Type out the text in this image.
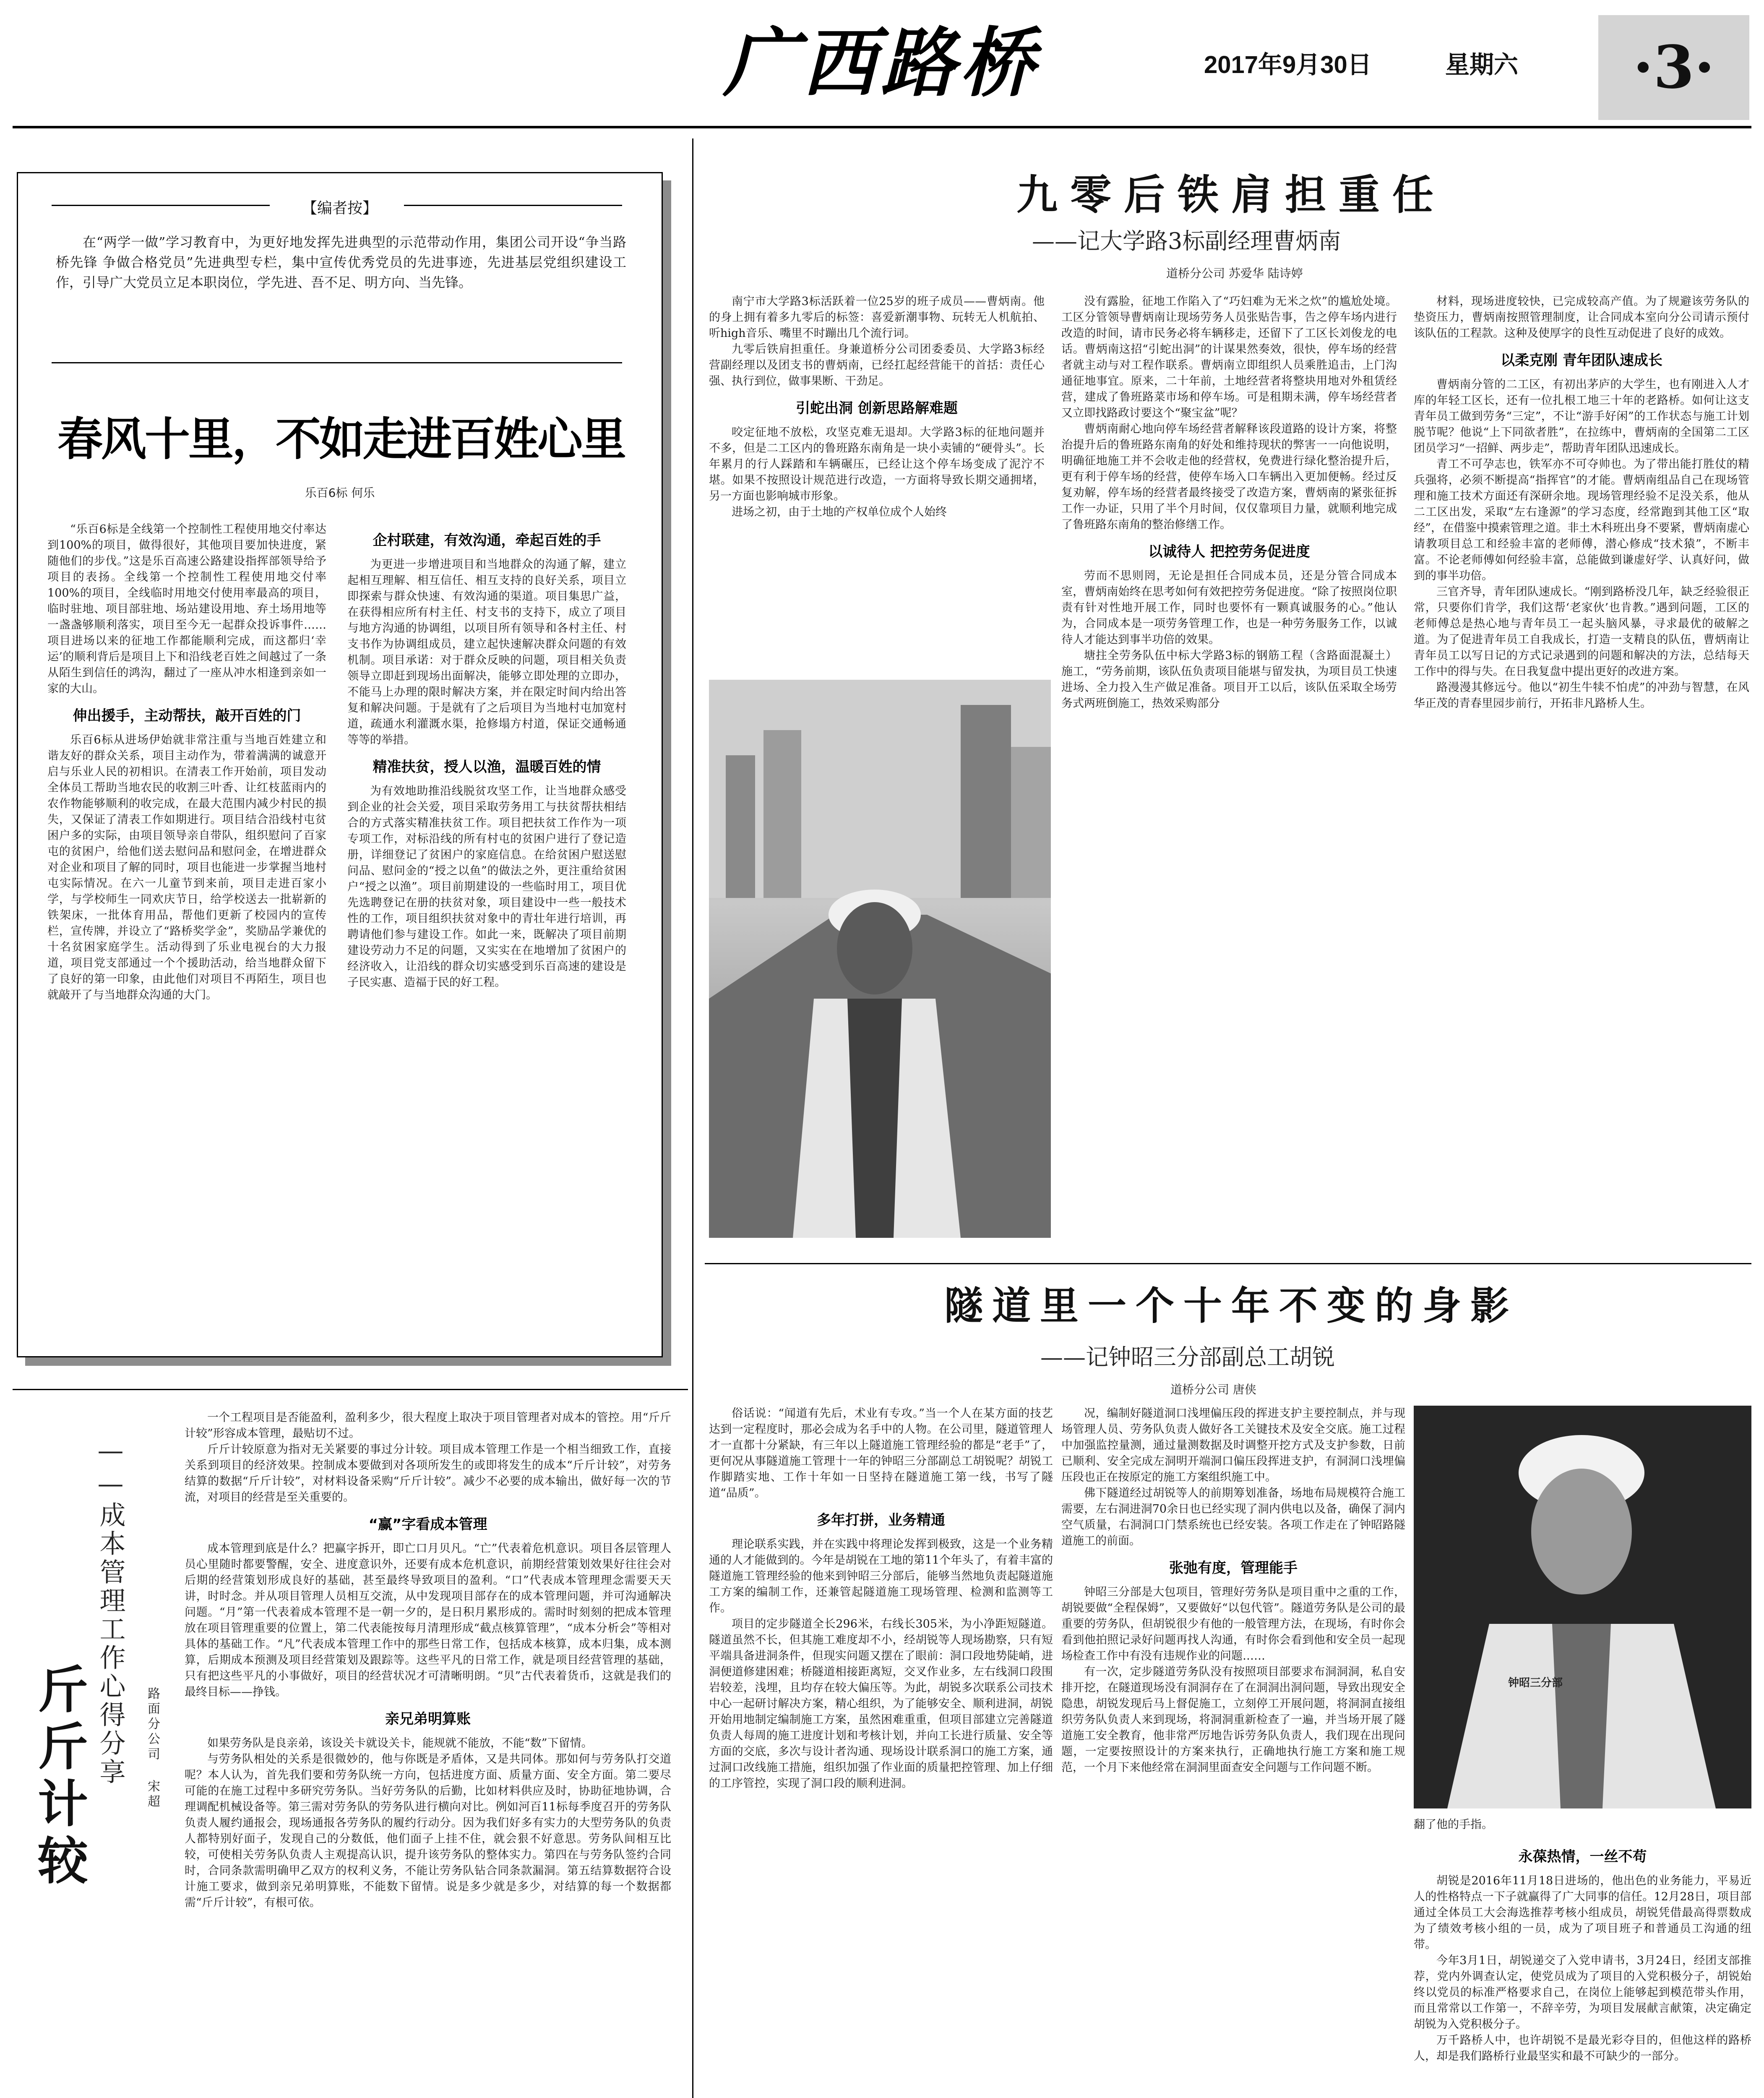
广西路桥	2017年9月30日	星期六	·3·
【编者按】
在“两学一做”学习教育中，为更好地发挥先进典型的示范带动作用，集团公司开设“争当路桥先锋 争做合格党员”先进典型专栏，集中宣传优秀党员的先进事迹，先进基层党组织建设工作，引导广大党员立足本职岗位，学先进、吾不足、明方向、当先锋。
春风十里，不如走进百姓心里
乐百6标 何乐

“乐百6标是全线第一个控制性工程使用地交付率达到100%的项目，做得很好，其他项目要加快进度，紧随他们的步伐。”这是乐百高速公路建设指挥部领导给予项目的表扬。全线第一个控制性工程使用地交付率100%的项目，全线临时用地交付使用率最高的项目，临时驻地、项目部驻地、场站建设用地、弃土场用地等一盏盏够顺利落实，项目至今无一起群众投诉事件……项目进场以来的征地工作都能顺利完成，而这都归‘幸运’的顺利背后是项目上下和沿线老百姓之间越过了一条从陌生到信任的鸿沟，翻过了一座从冲水相逢到亲如一家的大山。

伸出援手，主动帮扶，敲开百姓的门

乐百6标从进场伊始就非常注重与当地百姓建立和谐友好的群众关系，项目主动作为，带着满满的诚意开启与乐业人民的初相识。在清表工作开始前，项目发动全体员工帮助当地农民的收割三叶香、让红枝蓝雨内的农作物能够顺利的收完成，在最大范围内减少村民的损失，又保证了清表工作如期进行。项目结合沿线村屯贫困户多的实际，由项目领导亲自带队，组织慰问了百家屯的贫困户，给他们送去慰问品和慰问金，在增进群众对企业和项目了解的同时，项目也能进一步掌握当地村屯实际情况。在六一儿童节到来前，项目走进百家小学，与学校师生一同欢庆节日，给学校送去一批崭新的铁架床，一批体育用品，帮他们更新了校园内的宣传栏，宣传牌，并设立了“路桥奖学金”，奖励品学兼优的十名贫困家庭学生。活动得到了乐业电视台的大力报道，项目党支部通过一个个援助活动，给当地群众留下了良好的第一印象，由此他们对项目不再陌生，项目也就敲开了与当地群众沟通的大门。

企村联建，有效沟通，牵起百姓的手

为更进一步增进项目和当地群众的沟通了解，建立起相互理解、相互信任、相互支持的良好关系，项目立即探索与群众快速、有效沟通的渠道。项目集思广益，在获得相应所有村主任、村支书的支持下，成立了项目与地方沟通的协调组，以项目所有领导和各村主任、村支书作为协调组成员，建立起快速解决群众问题的有效机制。项目承诺：对于群众反映的问题，项目相关负责领导立即赶到现场出面解决，能够立即处理的立即办，不能马上办理的限时解决方案，并在限定时间内给出答复和解决问题。于是就有了之后项目为当地村屯加宽村道，疏通水利灌溉水渠，抢修塌方村道，保证交通畅通等等的举措。

精准扶贫，授人以渔，温暖百姓的情

为有效地助推沿线脱贫攻坚工作，让当地群众感受到企业的社会关爱，项目采取劳务用工与扶贫帮扶相结合的方式落实精准扶贫工作。项目把扶贫工作作为一项专项工作，对标沿线的所有村屯的贫困户进行了登记造册，详细登记了贫困户的家庭信息。在给贫困户慰送慰问品、慰问金的“授之以鱼”的做法之外，更注重给贫困户“授之以渔”。项目前期建设的一些临时用工，项目优先选聘登记在册的扶贫对象，项目建设中一些一般技术性的工作，项目组织扶贫对象中的青壮年进行培训，再聘请他们参与建设工作。如此一来，既解决了项目前期建设劳动力不足的问题，又实实在在地增加了贫困户的经济收入，让沿线的群众切实感受到乐百高速的建设是子民实惠、造福于民的好工程。

斤斤
计较
——成本管理工作心得分享	路面分公司 宋超

一个工程项目是否能盈利，盈利多少，很大程度上取决于项目管理者对成本的管控。用“斤斤计较”形容成本管理，最贴切不过。

斤斤计较原意为指对无关紧要的事过分计较。项目成本管理工作是一个相当细致工作，直接关系到项目的经济效果。控制成本要做到对各项所发生的或即将发生的成本“斤斤计较”，对劳务结算的数据“斤斤计较”，对材料设备采购“斤斤计较”。减少不必要的成本输出，做好每一次的节流，对项目的经营是至关重要的。

“赢”字看成本管理

成本管理到底是什么？把赢字拆开，即亡口月贝凡。“亡”代表着危机意识。项目各层管理人员心里随时都要警醒，安全、进度意识外，还要有成本危机意识，前期经营策划效果好往往会对后期的经营策划形成良好的基础，甚至最终导致项目的盈利。“口”代表成本管理理念需要天天讲，时时念。并从项目管理人员相互交流，从中发现项目部存在的成本管理问题，并可沟通解决问题。“月”第一代表着成本管理不是一朝一夕的，是日积月累形成的。需时时刻刻的把成本管理放在项目管理重要的位置上，第二代表能按每月清理形成“截点核算管理”，“成本分析会”等相对具体的基础工作。“凡”代表成本管理工作中的那些日常工作，包括成本核算，成本归集，成本测算，后期成本预测及项目经营策划及跟踪等。这些平凡的日常工作，就是项目经营管理的基础，只有把这些平凡的小事做好，项目的经营状况才可清晰明朗。“贝”古代表着货币，这就是我们的最终目标——挣钱。

亲兄弟明算账

如果劳务队是良亲弟，该设关卡就设关卡，能规就不能放，不能“数”下留情。

与劳务队相处的关系是很微妙的，他与你既是矛盾体，又是共同体。那如何与劳务队打交道呢？本人认为，首先我们要和劳务队统一方向，包括进度方面、质量方面、安全方面。第二要尽可能的在施工过程中多研究劳务队。当好劳务队的后勤，比如材料供应及时，协助征地协调，合理调配机械设备等。第三需对劳务队的劳务队进行横向对比。例如河百11标每季度召开的劳务队负责人履约通报会，现场通报各劳务队的履约行动分。因为我们好多有实力的大型劳务队的负责人都特别好面子，发现自己的分数低，他们面子上挂不住，就会狠不好意思。劳务队间相互比较，可使相关劳务队负责人主观提高认识，提升该劳务队的整体实力。第四在与劳务队签约合同时，合同条款需明确甲乙双方的权利义务，不能让劳务队钻合同条款漏洞。第五结算数据符合设计施工要求，做到亲兄弟明算账，不能数下留情。说是多少就是多少，对结算的每一个数据都需“斤斤计较”，有根可依。

九零后铁肩担重任
——记大学路3标副经理曹炳南
道桥分公司 苏爱华 陆诗婷

南宁市大学路3标活跃着一位25岁的班子成员——曹炳南。他的身上拥有着多九零后的标签：喜爱新潮事物、玩转无人机航拍、听high音乐、嘴里不时蹦出几个流行词。

九零后铁肩担重任。身兼道桥分公司团委委员、大学路3标经营副经理以及团支书的曹炳南，已经扛起经营能干的首括：责任心强、执行到位，做事果断、干劲足。

引蛇出洞 创新思路解难题

咬定征地不放松，攻坚克难无退却。大学路3标的征地问题并不多，但是二工区内的鲁班路东南角是一块小卖铺的“硬骨头”。长年累月的行人踩踏和车辆碾压，已经让这个停车场变成了泥泞不堪。如果不按照设计规范进行改造，一方面将导致长期交通拥堵，另一方面也影响城市形象。

进场之初，由于土地的产权单位成个人始终

没有露脸，征地工作陷入了“巧妇难为无米之炊”的尴尬处境。工区分管领导曹炳南让现场劳务人员张贴告事，告之停车场内进行改造的时间，请市民务必将车辆移走，还留下了工区长刘俊龙的电话。曹炳南这招“引蛇出洞”的计谋果然奏效，很快，停车场的经营者就主动与对工程作联系。曹炳南立即组织人员乘胜追击，上门沟通征地事宜。原来，二十年前，土地经营者将整块用地对外租赁经营，建成了鲁班路菜市场和停车场。可是租期未满，停车场经营者又立即找路政讨要这个“聚宝盆”呢？

曹炳南耐心地向停车场经营者解释该段道路的设计方案，将整治提升后的鲁班路东南角的好处和维持现状的弊害一一向他说明，明确征地施工并不会收走他的经营权，免费进行绿化整治提升后，更有利于停车场的经营，使停车场入口车辆出入更加便畅。经过反复劝解，停车场的经营者最终接受了改造方案，曹炳南的紧张征拆工作一办证，只用了半个月时间，仅仅靠项目力量，就顺利地完成了鲁班路东南角的整治修缮工作。

以诚待人 把控劳务促进度

劳而不思则罔，无论是担任合同成本员，还是分管合同成本室，曹炳南始终在思考如何有效把控劳务促进度。“除了按照岗位职责有针对性地开展工作，同时也要怀有一颗真诚服务的心。”他认为，合同成本是一项劳务管理工作，也是一种劳务服务工作，以诚待人才能达到事半功倍的效果。

塘拄全劳务队伍中标大学路3标的钢筋工程（含路面混凝土）施工，“劳务前期，该队伍负责项目能堪与留发执，为项目员工快速进场、全力投入生产做足准备。项目开工以后，该队伍采取全场劳务式两班倒施工，热效采购部分

材料，现场进度较快，已完成较高产值。为了规避该劳务队的垫资压力，曹炳南按照管理制度，让合同成本室向分公司请示预付该队伍的工程款。这种及使厚字的良性互动促进了良好的成效。

以柔克刚 青年团队速成长

曹炳南分管的二工区，有初出茅庐的大学生，也有刚进入人才库的年轻工区长，还有一位扎根工地三十年的老路桥。如何让这支青年员工做到劳务“三定”，不让“游手好闲”的工作状态与施工计划脱节呢？他说“上下同欲者胜”，在拉练中，曹炳南的全国第二工区团员学习“一招鲜、两步走”，帮助青年团队迅速成长。

青工不可孕志也，铁军亦不可夺帅也。为了带出能打胜仗的精兵强将，必须不断提高“指挥官”的才能。曹炳南组品自己在现场管理和施工技术方面还有深研余地。现场管理经验不足没关系，他从二工区出发，采取“左右逢源”的学习态度，经常跑到其他工区“取经”，在借鉴中摸索管理之道。非土木科班出身不要紧，曹炳南虚心请教项目总工和经验丰富的老师傅，潜心修成“技术猿”，不断丰富。不论老师傅如何经验丰富，总能做到谦虚好学、认真好问，做到的事半功倍。

三官齐导，青年团队速成长。“刚到路桥没几年，缺乏经验很正常，只要你们肯学，我们这帮‘老家伙’也肯教。”遇到问题，工区的老师傅总是热心地与青年员工一起头脑风暴，寻求最优的破解之道。为了促进青年员工自我成长，打造一支精良的队伍，曹炳南让青年员工以写日记的方式记录遇到的问题和解决的方法，总结每天工作中的得与失。在日我复盘中提出更好的改进方案。

路漫漫其修远兮。他以“初生牛犊不怕虎”的冲劲与智慧，在风华正茂的青春里园步前行，开拓非凡路桥人生。

隧道里一个十年不变的身影
——记钟昭三分部副总工胡锐
道桥分公司 唐侠

俗话说：“闻道有先后，术业有专攻。”当一个人在某方面的技艺达到一定程度时，那必会成为名手中的人物。在公司里，隧道管理人才一直都十分紧缺，有三年以上隧道施工管理经验的都是“老手”了，更何况从事隧道施工管理十一年的钟昭三分部副总工胡锐呢？胡锐工作脚踏实地、工作十年如一日坚持在隧道施工第一线，书写了隧道“品质”。

多年打拼，业务精通

理论联系实践，并在实践中将理论发挥到极致，这是一个业务精通的人才能做到的。今年是胡锐在工地的第11个年头了，有着丰富的隧道施工管理经验的他来到钟昭三分部后，能够当然地负责起隧道施工方案的编制工作，还兼管起隧道施工现场管理、检测和监测等工作。

项目的定步隧道全长296米，右线长305米，为小净距短隧道。隧道虽然不长，但其施工难度却不小，经胡锐等人现场勘察，只有短平端具备进洞条件，但现实问题又摆在了眼前：洞口段地势陡峭，进洞便道修建困难；桥隧道相接距离短，交叉作业多，左右线洞口段围岩较差，浅埋，且均存在较大偏压等。为此，胡锐多次联系公司技术中心一起研讨解决方案，精心组织，为了能够安全、顺利进洞，胡锐开始用地制定编制施工方案，虽然困难重重，但项目部建立完善隧道负责人每周的施工进度计划和考核计划，并向工长进行质量、安全等方面的交底，多次与设计者沟通、现场设计联系洞口的施工方案，通过洞口改线施工措施，组织加强了作业面的质量把控管理、加上仔细的工序管控，实现了洞口段的顺利进洞。

况，编制好隧道洞口浅埋偏压段的挥进支护主要控制点，并与现场管理人员、劳务队负责人做好各工关键技术及安全交底。施工过程中加强监控量测，通过量测数据及时调整开挖方式及支护参数，日前已顺利、安全完成左洞明开端洞口偏压段挥进支护，有洞洞口浅埋偏压段也正在按原定的施工方案组织施工中。

佛下隧道经过胡锐等人的前期筹划准备，场地布局规模符合施工需要，左右洞进洞70余日也已经实现了洞内供电以及备，确保了洞内空气质量，右洞洞口门禁系统也已经安装。各项工作走在了钟昭路隧道施工的前面。

张弛有度，管理能手

钟昭三分部是大包项目，管理好劳务队是项目重中之重的工作，胡锐要做“全程保姆”，又要做好“以包代管”。隧道劳务队是公司的最重要的劳务队，但胡锐很少有他的一般管理方法，在现场，有时你会看到他拍照记录好问题再找人沟通，有时你会看到他和安全员一起现场检查工作中有没有违规作业的问题……

有一次，定步隧道劳务队没有按照项目部要求布洞洞洞，私自安排开挖，在隧道现场没有洞洞存在了在洞洞出洞问题，导致出现安全隐患，胡锐发现后马上督促施工，立刻停工开展问题，将洞洞直接组织劳务队负责人来到现场，将洞洞重新检查了一遍，并当场开展了隧道施工安全教育，他非常严厉地告诉劳务队负责人，我们现在出现问题，一定要按照设计的方案来执行，正确地执行施工方案和施工规范，一个月下来他经常在洞洞里面查安全问题与工作问题不断。

钟昭三分部
翻了他的手指。
永葆热情，一丝不苟

胡锐是2016年11月18日进场的，他出色的业务能力，平易近人的性格特点一下子就赢得了广大同事的信任。12月28日，项目部通过全体员工大会海选推荐考核小组成员，胡锐凭借最高得票数成为了绩效考核小组的一员，成为了项目班子和普通员工沟通的纽带。

今年3月1日，胡锐递交了入党申请书，3月24日，经团支部推荐，党内外调查认定，使党员成为了项目的入党积极分子，胡锐始终以党员的标准严格要求自己，在岗位上能够起到模范带头作用，而且常常以工作第一，不辞辛劳，为项目发展献言献策，决定确定胡锐为入党积极分子。

万千路桥人中，也许胡锐不是最光彩夺目的，但他这样的路桥人，却是我们路桥行业最坚实和最不可缺少的一部分。
